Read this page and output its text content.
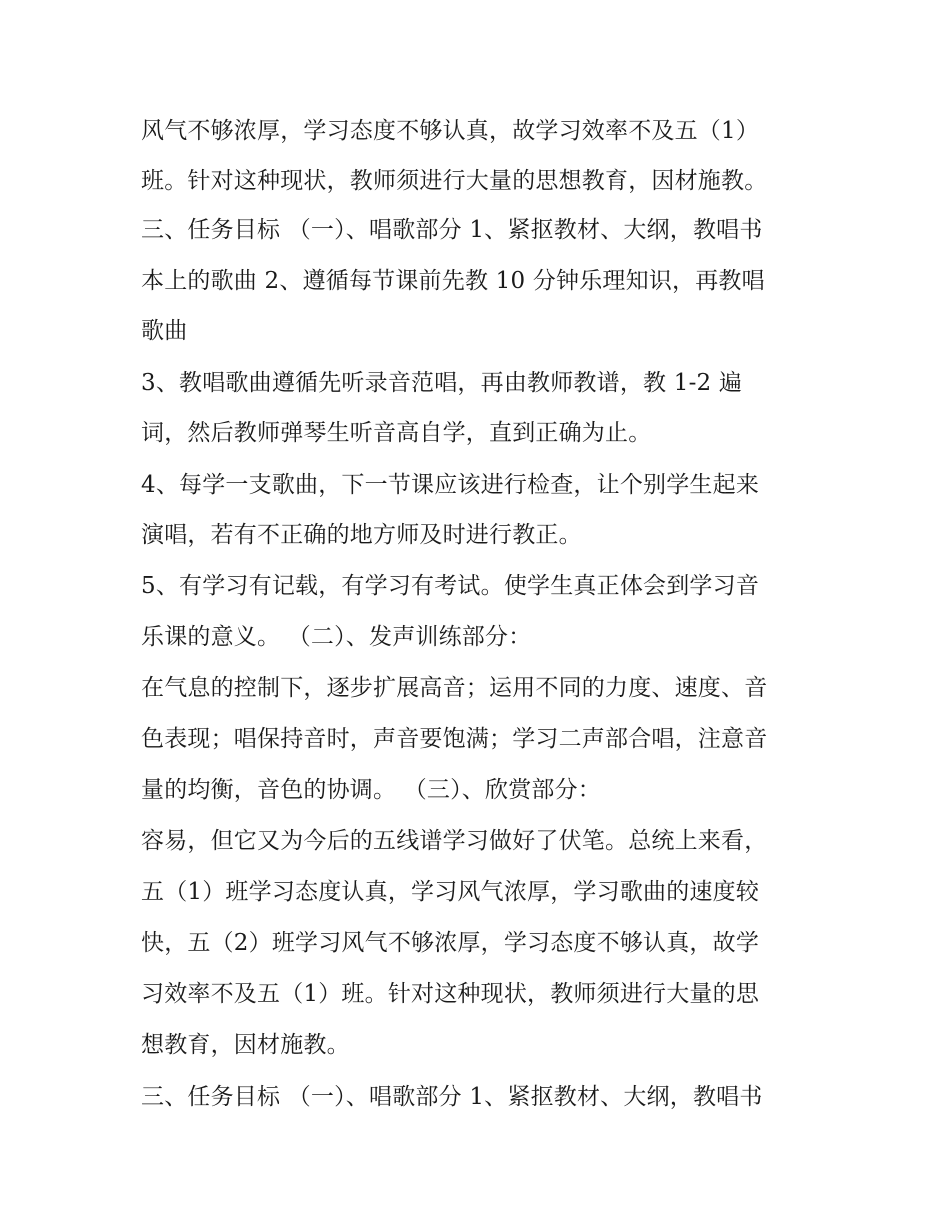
风气不够浓厚，学习态度不够认真，故学习效率不及五（1）
班。针对这种现状，教师须进行大量的思想教育，因材施教。
三、任务目标 （一）、唱歌部分 1、紧抠教材、大纲，教唱书
本上的歌曲 2、遵循每节课前先教 10 分钟乐理知识，再教唱
歌曲
3、教唱歌曲遵循先听录音范唱，再由教师教谱，教 1-2 遍
词，然后教师弹琴生听音高自学，直到正确为止。
4、每学一支歌曲，下一节课应该进行检查，让个别学生起来
演唱，若有不正确的地方师及时进行教正。
5、有学习有记载，有学习有考试。使学生真正体会到学习音
乐课的意义。 （二）、发声训练部分：
在气息的控制下，逐步扩展高音；运用不同的力度、速度、音
色表现；唱保持音时，声音要饱满；学习二声部合唱，注意音
量的均衡，音色的协调。 （三）、欣赏部分：
容易，但它又为今后的五线谱学习做好了伏笔。总统上来看，
五（1）班学习态度认真，学习风气浓厚，学习歌曲的速度较
快，五（2）班学习风气不够浓厚，学习态度不够认真，故学
习效率不及五（1）班。针对这种现状，教师须进行大量的思
想教育，因材施教。
三、任务目标 （一）、唱歌部分 1、紧抠教材、大纲，教唱书
